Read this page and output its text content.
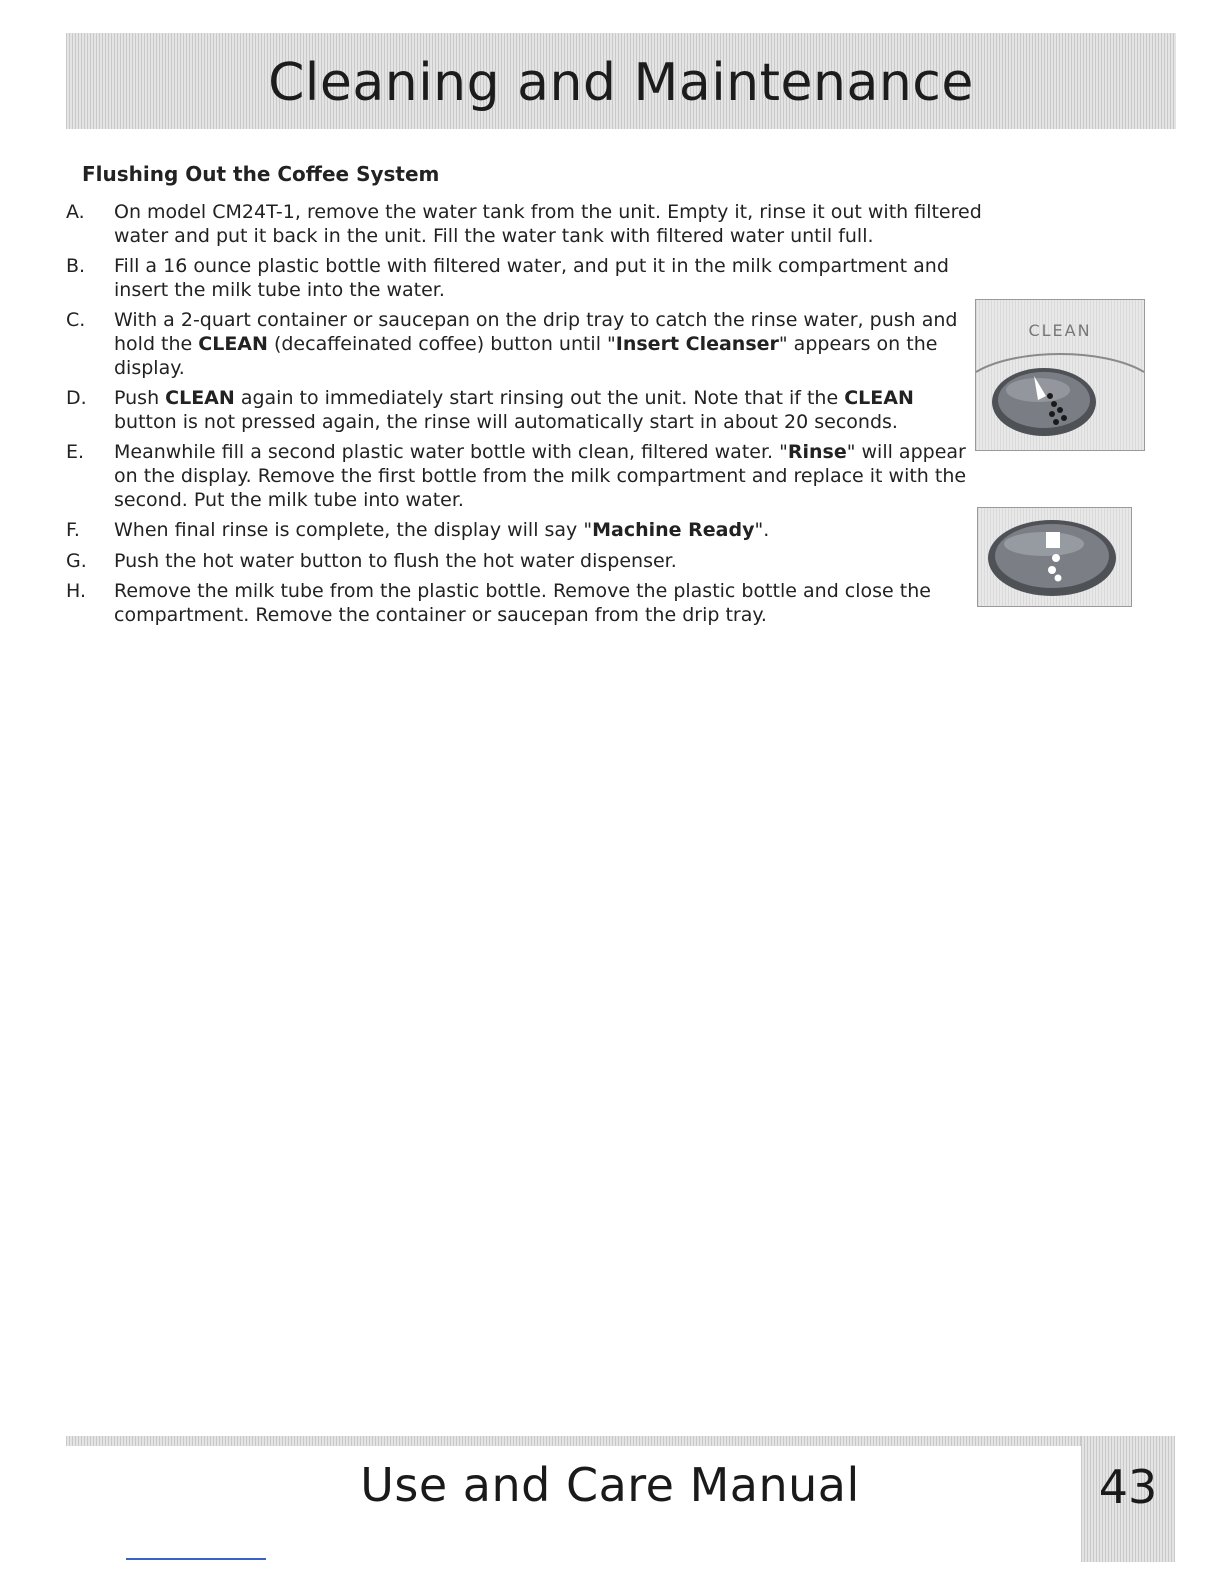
Cleaning and Maintenance
Flushing Out the Coffee System
A. On model CM24T-1, remove the water tank from the unit. Empty it, rinse it out with filtered water and put it back in the unit. Fill the water tank with filtered water until full.
B. Fill a 16 ounce plastic bottle with filtered water, and put it in the milk compartment and insert the milk tube into the water.
C. With a 2-quart container or saucepan on the drip tray to catch the rinse water, push and hold the CLEAN (decaffeinated coffee) button until "Insert Cleanser" appears on the display.
D. Push CLEAN again to immediately start rinsing out the unit. Note that if the CLEAN button is not pressed again, the rinse will automatically start in about 20 seconds.
E. Meanwhile fill a second plastic water bottle with clean, filtered water. "Rinse" will appear on the display. Remove the first bottle from the milk compartment and replace it with the second. Put the milk tube into water.
F. When final rinse is complete, the display will say "Machine Ready".
G. Push the hot water button to flush the hot water dispenser.
H. Remove the milk tube from the plastic bottle. Remove the plastic bottle and close the compartment. Remove the container or saucepan from the drip tray.
CLEAN
Use and Care Manual	43
